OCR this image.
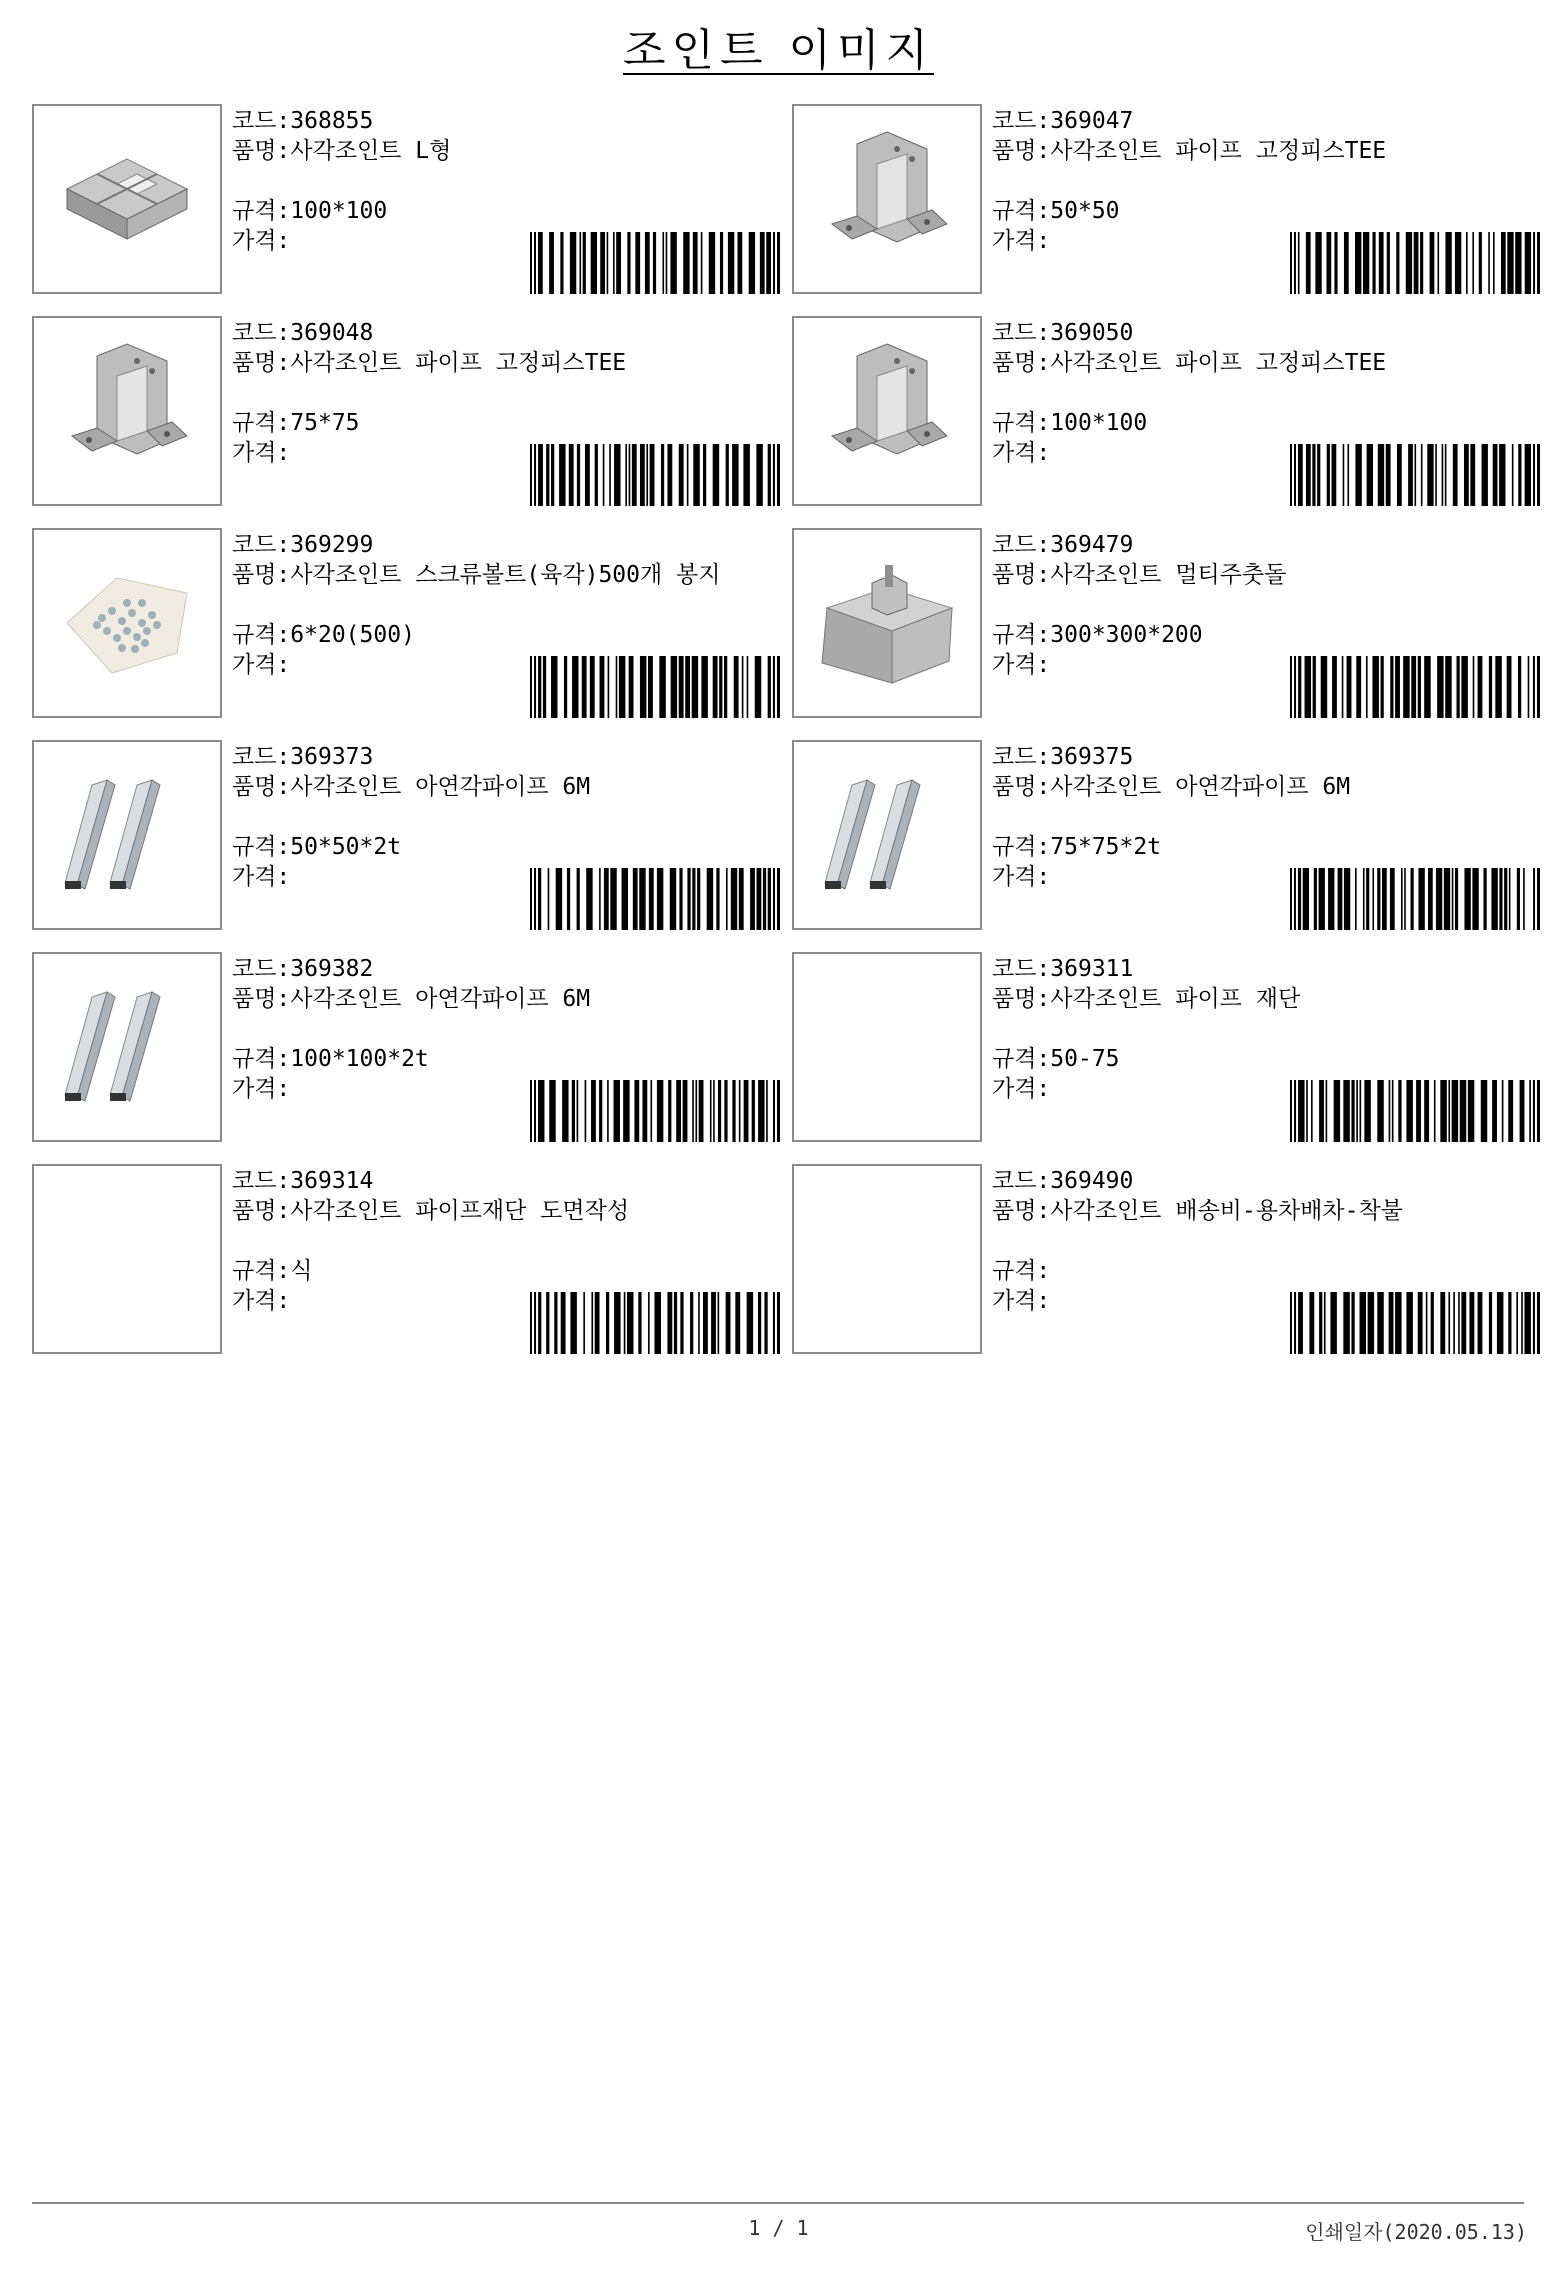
조인트 이미지
코드: 368855
품명: 사각조인트 L형
규격: 100*100
가격:
코드: 369047
품명: 사각조인트 파이프 고정피스TEE
규격: 50*50
가격:
코드: 369048
품명: 사각조인트 파이프 고정피스TEE
규격: 75*75
가격:
코드: 369050
품명: 사각조인트 파이프 고정피스TEE
규격: 100*100
가격:
코드: 369299
품명: 사각조인트 스크류볼트(육각)500개 봉지
규격: 6*20(500)
가격:
코드: 369479
품명: 사각조인트 멀티주춧돌
규격: 300*300*200
가격:
코드: 369373
품명: 사각조인트 아연각파이프 6M
규격: 50*50*2t
가격:
코드: 369375
품명: 사각조인트 아연각파이프 6M
규격: 75*75*2t
가격:
코드: 369382
품명: 사각조인트 아연각파이프 6M
규격: 100*100*2t
가격:
코드: 369311
품명: 사각조인트 파이프 재단
규격: 50-75
가격:
코드: 369314
품명: 사각조인트 파이프재단 도면작성
규격: 식
가격:
코드: 369490
품명: 사각조인트 배송비-용차배차-착불
규격:
가격:
1 / 1	인쇄일자(2020.05.13)
